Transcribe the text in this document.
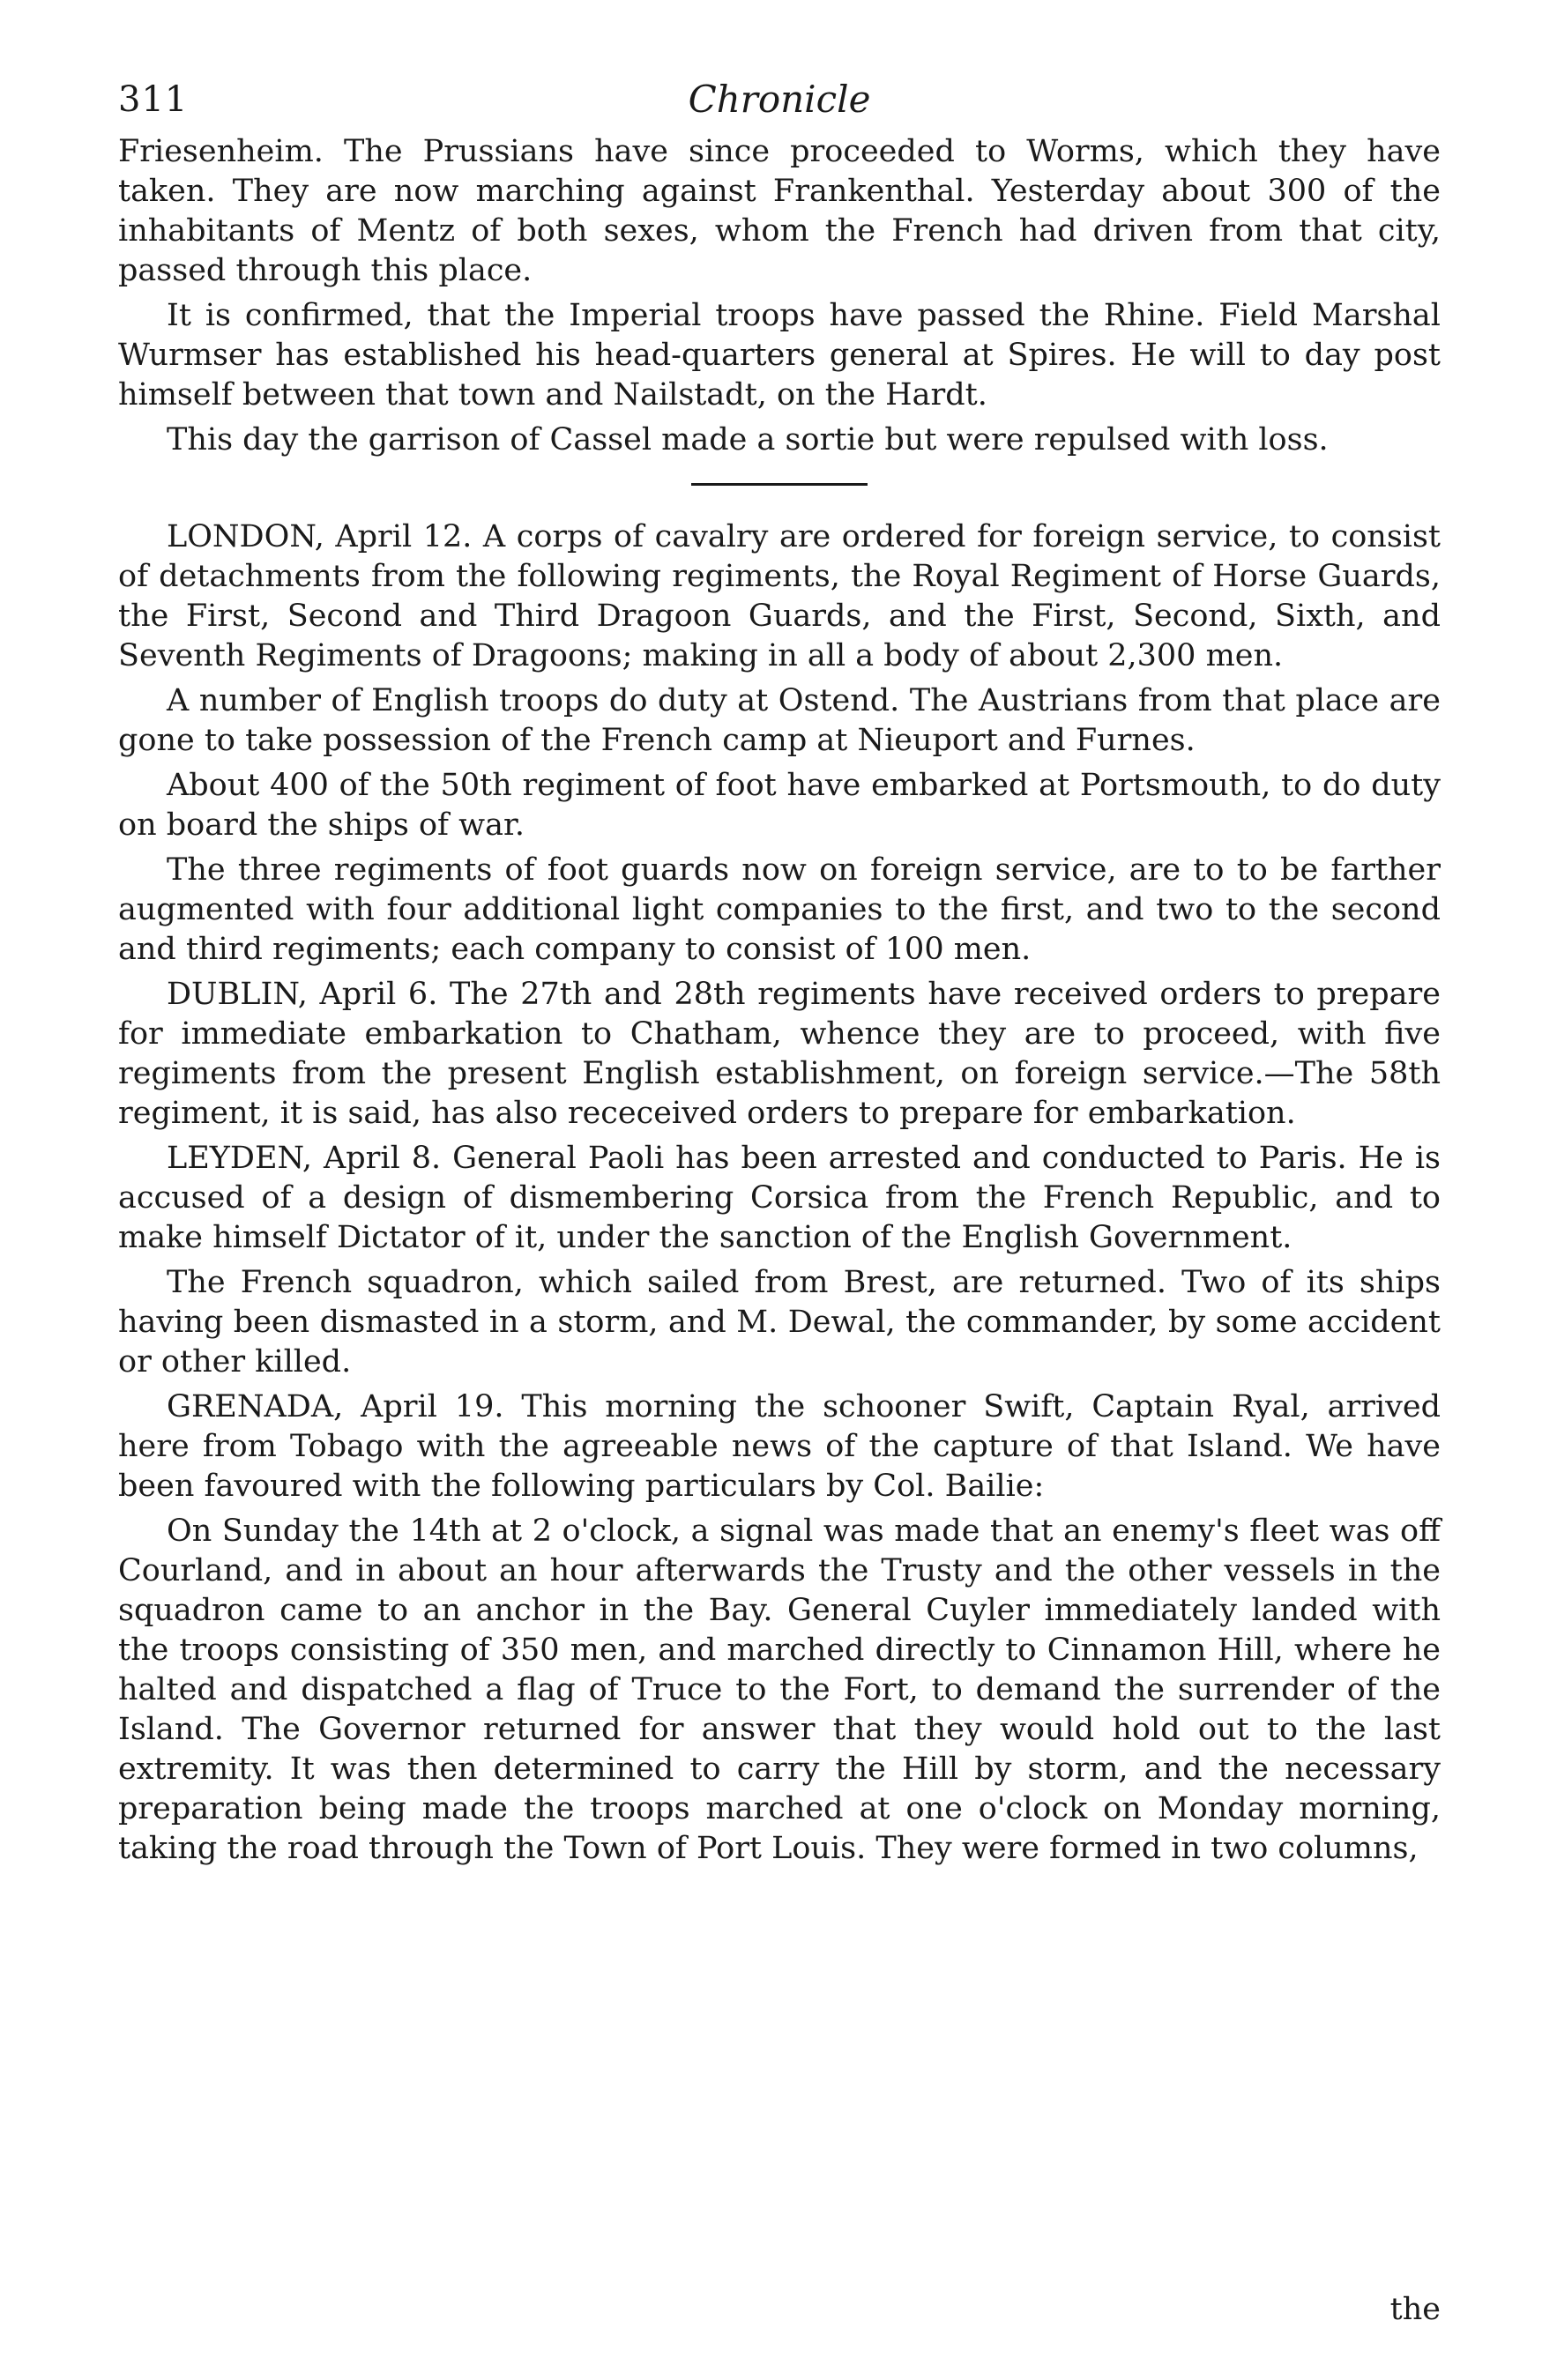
311	Chronicle

Friesenheim. The Prussians have since proceeded to Worms, which they have taken. They are now marching against Frankenthal. Yesterday about 300 of the inhabitants of Mentz of both sexes, whom the French had driven from that city, passed through this place.

It is confirmed, that the Imperial troops have passed the Rhine. Field Marshal Wurmser has established his head-quarters general at Spires. He will to day post himself between that town and Nailstadt, on the Hardt.

This day the garrison of Cassel made a sortie but were repulsed with loss.

LONDON, April 12. A corps of cavalry are ordered for foreign service, to consist of detachments from the following regiments, the Royal Regiment of Horse Guards, the First, Second and Third Dragoon Guards, and the First, Second, Sixth, and Seventh Regiments of Dragoons; making in all a body of about 2,300 men.

A number of English troops do duty at Ostend. The Austrians from that place are gone to take possession of the French camp at Nieuport and Furnes.

About 400 of the 50th regiment of foot have embarked at Portsmouth, to do duty on board the ships of war.

The three regiments of foot guards now on foreign service, are to to be farther augmented with four additional light companies to the first, and two to the second and third regiments; each company to consist of 100 men.

DUBLIN, April 6. The 27th and 28th regiments have received orders to prepare for immediate embarkation to Chatham, whence they are to proceed, with five regiments from the present English establishment, on foreign service.—The 58th regiment, it is said, has also receceived orders to prepare for embarkation.

LEYDEN, April 8. General Paoli has been arrested and conducted to Paris. He is accused of a design of dismembering Corsica from the French Republic, and to make himself Dictator of it, under the sanction of the English Government.

The French squadron, which sailed from Brest, are returned. Two of its ships having been dismasted in a storm, and M. Dewal, the commander, by some accident or other killed.

GRENADA, April 19. This morning the schooner Swift, Captain Ryal, arrived here from Tobago with the agreeable news of the capture of that Island. We have been favoured with the following particulars by Col. Bailie:

On Sunday the 14th at 2 o'clock, a signal was made that an enemy's fleet was off Courland, and in about an hour afterwards the Trusty and the other vessels in the squadron came to an anchor in the Bay. General Cuyler immediately landed with the troops consisting of 350 men, and marched directly to Cinnamon Hill, where he halted and dispatched a flag of Truce to the Fort, to demand the surrender of the Island. The Governor returned for answer that they would hold out to the last extremity. It was then determined to carry the Hill by storm, and the necessary preparation being made the troops marched at one o'clock on Monday morning, taking the road through the Town of Port Louis. They were formed in two columns,

the
